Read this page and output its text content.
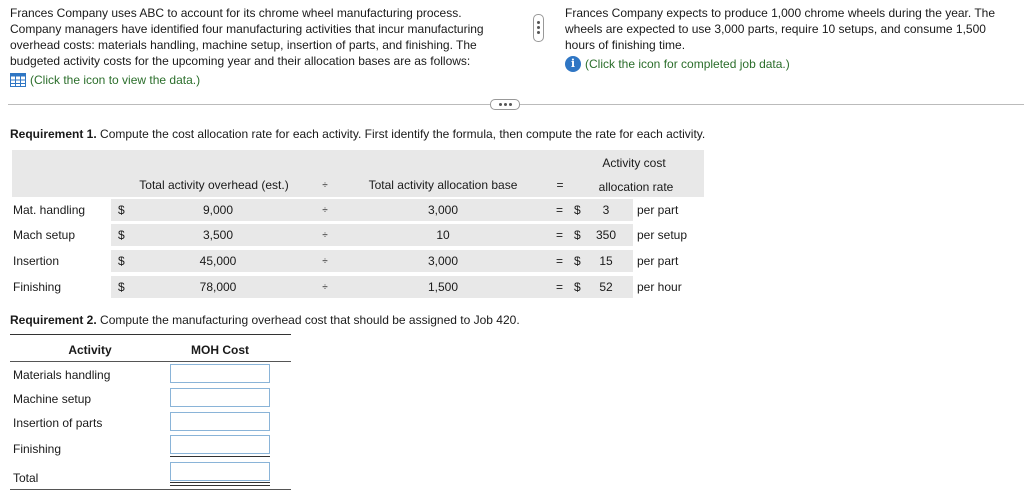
Frances Company uses ABC to account for its chrome wheel manufacturing process. Company managers have identified four manufacturing activities that incur manufacturing overhead costs: materials handling, machine setup, insertion of parts, and finishing. The budgeted activity costs for the upcoming year and their allocation bases are as follows:
(Click the icon to view the data.)
Frances Company expects to produce 1,000 chrome wheels during the year. The wheels are expected to use 3,000 parts, require 10 setups, and consume 1,500 hours of finishing time.
i (Click the icon for completed job data.)
Requirement 1. Compute the cost allocation rate for each activity. First identify the formula, then compute the rate for each activity.
Total activity overhead (est.)	÷	Total activity allocation base	=
Activity cost
allocation rate
Mat. handling	$	9,000	÷	3,000	= $	3	per part
Mach setup	$	3,500	÷	10	= $	350	per setup
Insertion	$	45,000	÷	3,000	= $	15	per part
Finishing	$	78,000	÷	1,500	= $	52	per hour
Requirement 2. Compute the manufacturing overhead cost that should be assigned to Job 420.
Activity	MOH Cost
Materials handling
Machine setup
Insertion of parts
Finishing
Total
